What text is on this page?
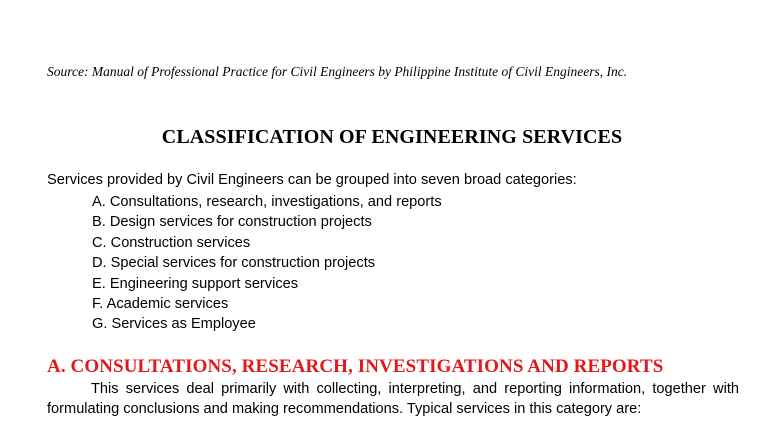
Source: Manual of Professional Practice for Civil Engineers by Philippine Institute of Civil Engineers, Inc.
CLASSIFICATION OF ENGINEERING SERVICES
Services provided by Civil Engineers can be grouped into seven broad categories:
A. Consultations, research, investigations, and reports
B. Design services for construction projects
C. Construction services
D. Special services for construction projects
E. Engineering support services
F. Academic services
G. Services as Employee
A. CONSULTATIONS, RESEARCH, INVESTIGATIONS AND REPORTS

This services deal primarily with collecting, interpreting, and reporting information, together with formulating conclusions and making recommendations. Typical services in this category are:
